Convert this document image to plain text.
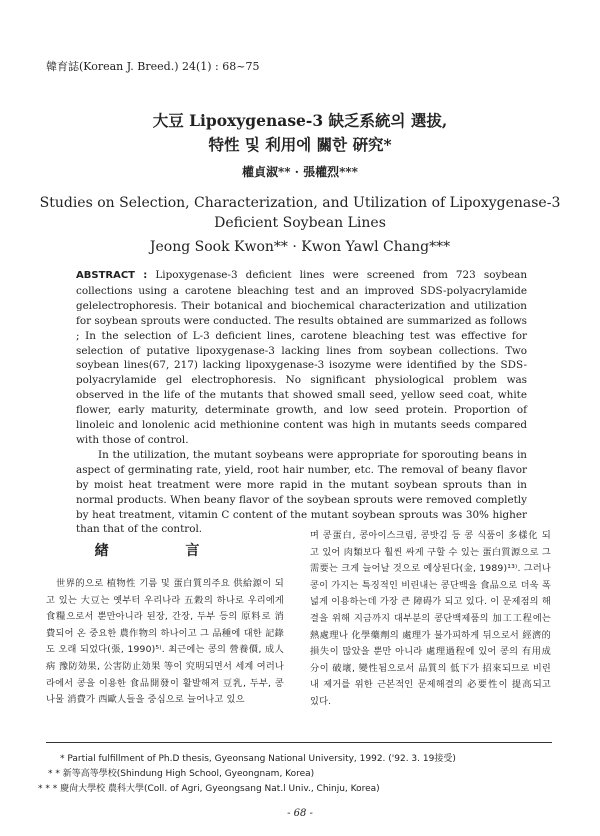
韓育誌(Korean J. Breed.) 24(1) : 68~75
大豆 Lipoxygenase-3 缺乏系統의 選拔,
特性 및 利用에 關한 硏究*
權貞淑** · 張權烈***
Studies on Selection, Characterization, and Utilization of Lipoxygenase-3
Deficient Soybean Lines
Jeong Sook Kwon** · Kwon Yawl Chang***

ABSTRACT : Lipoxygenase-3 deficient lines were screened from 723 soybean collections using a carotene bleaching test and an improved SDS-polyacrylamide gelelectrophoresis. Their botanical and biochemical characterization and utilization for soybean sprouts were conducted. The results obtained are summarized as follows ; In the selection of L-3 deficient lines, carotene bleaching test was effective for selection of putative lipoxygenase-3 lacking lines from soybean collections. Two soybean lines(67, 217) lacking lipoxygenase-3 isozyme were identified by the SDS-polyacrylamide gel electrophoresis. No significant physiological problem was observed in the life of the mutants that showed small seed, yellow seed coat, white flower, early maturity, determinate growth, and low seed protein. Proportion of linoleic and lonolenic acid methionine content was high in mutants seeds compared with those of control.

In the utilization, the mutant soybeans were appropriate for sporouting beans in aspect of germinating rate, yield, root hair number, etc. The removal of beany flavor by moist heat treatment were more rapid in the mutant soybean sprouts than in normal products. When beany flavor of the soybean sprouts were removed completly by heat treatment, vitamin C content of the mutant soybean sprouts was 30% higher than that of the control.

緖 言

世界的으로 植物性 기름 및 蛋白質의주요 供給源이 되고 있는 大豆는 옛부터 우리나라 五穀의 하나로 우리에게 食糧으로서 뿐만아니라 된장, 간장, 두부 등의 原料로 消費되어 온 중요한 農作物의 하나이고 그 品種에 대한 記錄도 오래 되었다(張, 1990)⁵⁾. 최근에는 콩의 營養價, 成人病 豫防効果, 公害防止効果 等이 究明되면서 세계 여러나라에서 콩을 이용한 食品開發이 활발해져 豆乳, 두부, 콩나물 消費가 西歐人들을 중심으로 늘어나고 있으

며 콩蛋白, 콩아이스크림, 콩밧김 등 콩 식품이 多樣化 되고 있어 肉類보다 훨씬 싸게 구할 수 있는 蛋白質源으로 그 需要는 크게 늘어날 것으로 예상된다(金, 1989)¹³⁾. 그러나 콩이 가지는 특징적인 비린내는 콩단백을 食品으로 더욱 폭넓게 이용하는데 가장 큰 障碍가 되고 있다. 이 문제점의 해결을 위해 지금까지 대부분의 콩단백제품의 加工工程에는 熱處理나 化學藥劑의 處理가 불가피하게 뒤으로서 經濟的 損失이 많았을 뿐만 아니라 處理過程에 있어 콩의 有用成分이 破壞, 變性됨으로서 品質의 低下가 招來되므로 비린내 제거를 위한 근본적인 문제해결의 必要性이 提高되고 있다.

* Partial fulfillment of Ph.D thesis, Gyeonsang National University, 1992. ('92. 3. 19接受)
* * 新等高等學校(Shindung High School, Gyeongnam, Korea)
* * * 慶尙大學校 農科大學(Coll. of Agri, Gyeongsang Nat.l Univ., Chinju, Korea)
- 68 -
